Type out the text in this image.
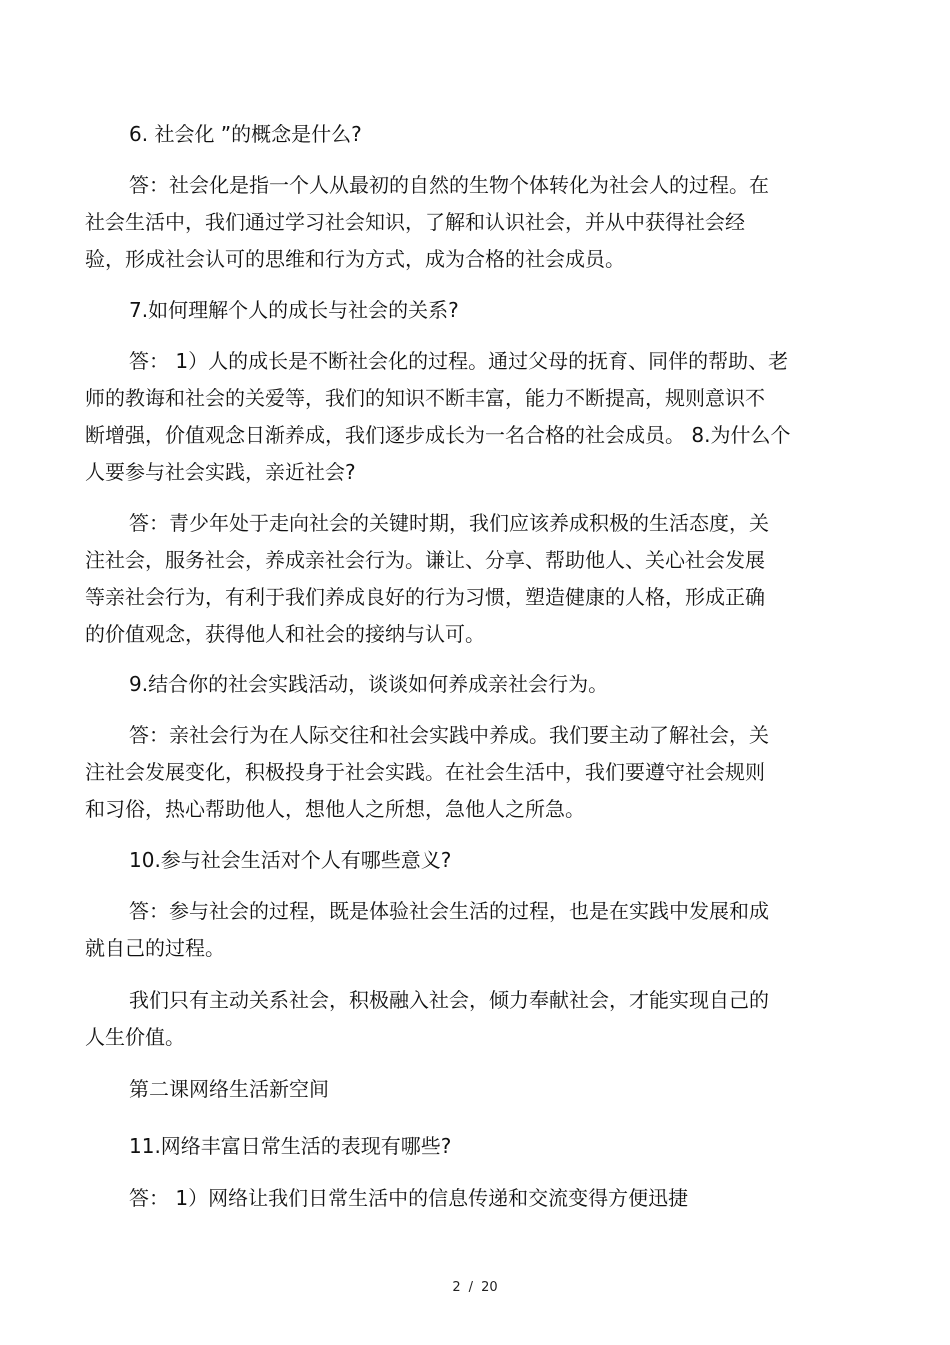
6. 社会化 ”的概念是什么?

答：社会化是指一个人从最初的自然的生物个体转化为社会人的过程。在
社会生活中，我们通过学习社会知识，了解和认识社会，并从中获得社会经
验，形成社会认可的思维和行为方式，成为合格的社会成员。

7.如何理解个人的成长与社会的关系?

答： 1）人的成长是不断社会化的过程。通过父母的抚育、同伴的帮助、老
师的教诲和社会的关爱等，我们的知识不断丰富，能力不断提高，规则意识不
断增强，价值观念日渐养成，我们逐步成长为一名合格的社会成员。 8.为什么个
人要参与社会实践，亲近社会?

答：青少年处于走向社会的关键时期，我们应该养成积极的生活态度，关
注社会，服务社会，养成亲社会行为。谦让、分享、帮助他人、关心社会发展
等亲社会行为，有利于我们养成良好的行为习惯，塑造健康的人格，形成正确
的价值观念，获得他人和社会的接纳与认可。

9.结合你的社会实践活动，谈谈如何养成亲社会行为。

答：亲社会行为在人际交往和社会实践中养成。我们要主动了解社会，关
注社会发展变化，积极投身于社会实践。在社会生活中，我们要遵守社会规则
和习俗，热心帮助他人，想他人之所想，急他人之所急。

10.参与社会生活对个人有哪些意义?

答：参与社会的过程，既是体验社会生活的过程，也是在实践中发展和成
就自己的过程。

我们只有主动关系社会，积极融入社会，倾力奉献社会，才能实现自己的
人生价值。

第二课网络生活新空间

11.网络丰富日常生活的表现有哪些?

答： 1）网络让我们日常生活中的信息传递和交流变得方便迅捷

2 / 20
